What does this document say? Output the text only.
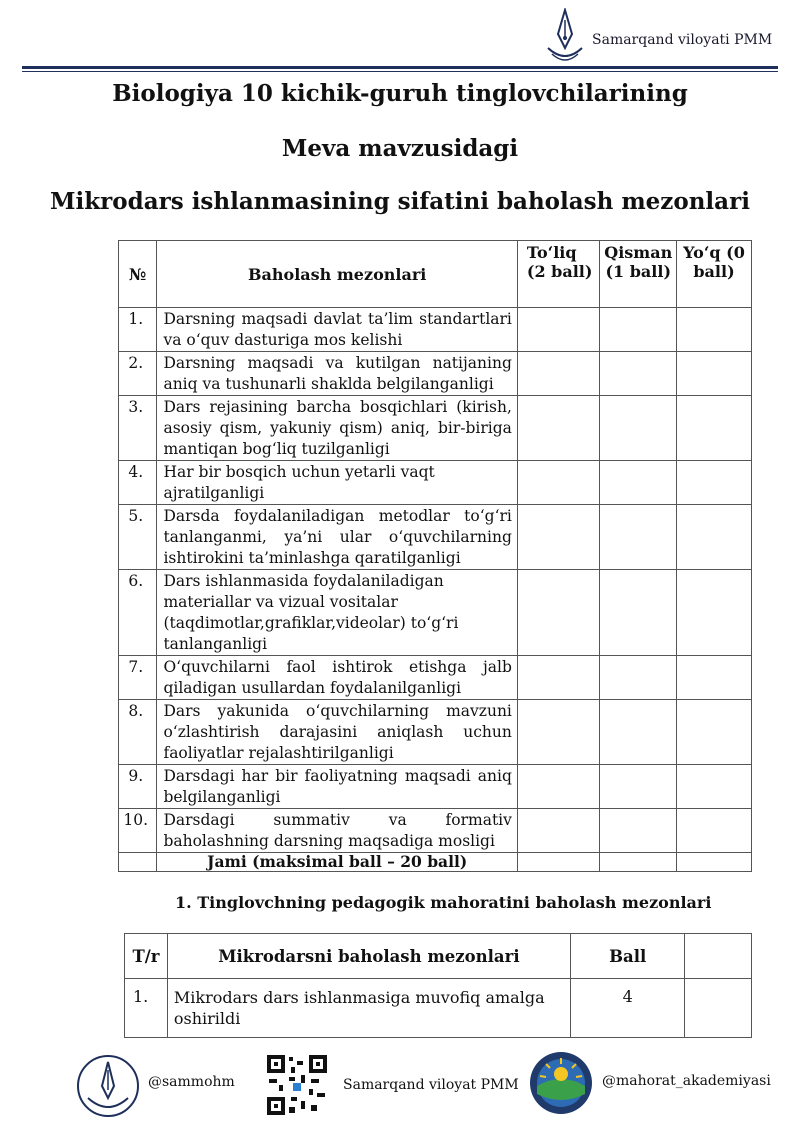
Samarqand viloyati PMM
Biologiya 10 kichik-guruh tinglovchilarining
Meva mavzusidagi
Mikrodars ishlanmasining sifatini baholash mezonlari
№	Baholash mezonlari	To‘liq (2 ball)	Qisman (1 ball)	Yo‘q (0 ball)
1.	Darsning maqsadi davlat ta’lim standartlari va o‘quv dasturiga mos kelishi			
2.	Darsning maqsadi va kutilgan natijaning aniq va tushunarli shaklda belgilanganligi			
3.	Dars rejasining barcha bosqichlari (kirish, asosiy qism, yakuniy qism) aniq, bir-biriga mantiqan bog‘liq tuzilganligi			
4.	Har bir bosqich uchun yetarli vaqt ajratilganligi			
5.	Darsda foydalaniladigan metodlar to‘g‘ri tanlanganmi, ya’ni ular o‘quvchilarning ishtirokini ta’minlashga qaratilganligi			
6.	Dars ishlanmasida foydalaniladigan materiallar va vizual vositalar (taqdimotlar,grafiklar,videolar) to‘g‘ri tanlanganligi			
7.	O‘quvchilarni faol ishtirok etishga jalb qiladigan usullardan foydalanilganligi			
8.	Dars yakunida o‘quvchilarning mavzuni o‘zlashtirish darajasini aniqlash uchun faoliyatlar rejalashtirilganligi			
9.	Darsdagi har bir faoliyatning maqsadi aniq belgilanganligi			
10.	Darsdagi summativ va formativ baholashning darsning maqsadiga mosligi			
	Jami (maksimal ball – 20 ball)			
1. Tinglovchning pedagogik mahoratini baholash mezonlari
T/r	Mikrodarsni baholash mezonlari	Ball	
1.	Mikrodars dars ishlanmasiga muvofiq amalga oshirildi	4	
@sammohm	Samarqand viloyat PMM	@mahorat_akademiyasi
